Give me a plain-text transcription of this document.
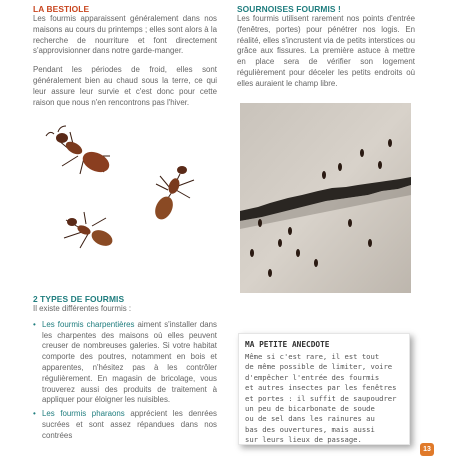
LA BESTIOLE

Les fourmis apparaissent généralement dans nos maisons au cours du printemps ; elles sont alors à la recherche de nourriture et font directement s'approvisionner dans notre garde-manger.

Pendant les périodes de froid, elles sont généralement bien au chaud sous la terre, ce qui leur assure leur survie et c'est donc pour cette raison que nous n'en rencontrons pas l'hiver.

2 TYPES DE FOURMIS

Il existe différentes fourmis :

• Les fourmis charpentières aiment s'installer dans les charpentes des maisons où elles peuvent creuser de nombreuses galeries. Si votre habitat comporte des poutres, notamment en bois et apparentes, n'hésitez pas à les contrôler régulièrement. En magasin de bricolage, vous trouverez aussi des produits de traitement à appliquer pour éloigner les nuisibles.
• Les fourmis pharaons apprécient les denrées sucrées et sont assez répandues dans nos contrées
SOURNOISES FOURMIS !

Les fourmis utilisent rarement nos points d'entrée (fenêtres, portes) pour pénétrer nos logis. En réalité, elles s'incrustent via de petits interstices ou grâce aux fissures. La première astuce à mettre en place sera de vérifier son logement régulièrement pour déceler les petits endroits où elles auraient le champ libre.

MA PETITE ANECDOTE
Même si c'est rare, il est tout
de même possible de limiter, voire
d'empêcher l'entrée des fourmis
et autres insectes par les fenêtres
et portes : il suffit de saupoudrer
un peu de bicarbonate de soude
ou de sel dans les rainures au
bas des ouvertures, mais aussi
sur leurs lieux de passage.
13
